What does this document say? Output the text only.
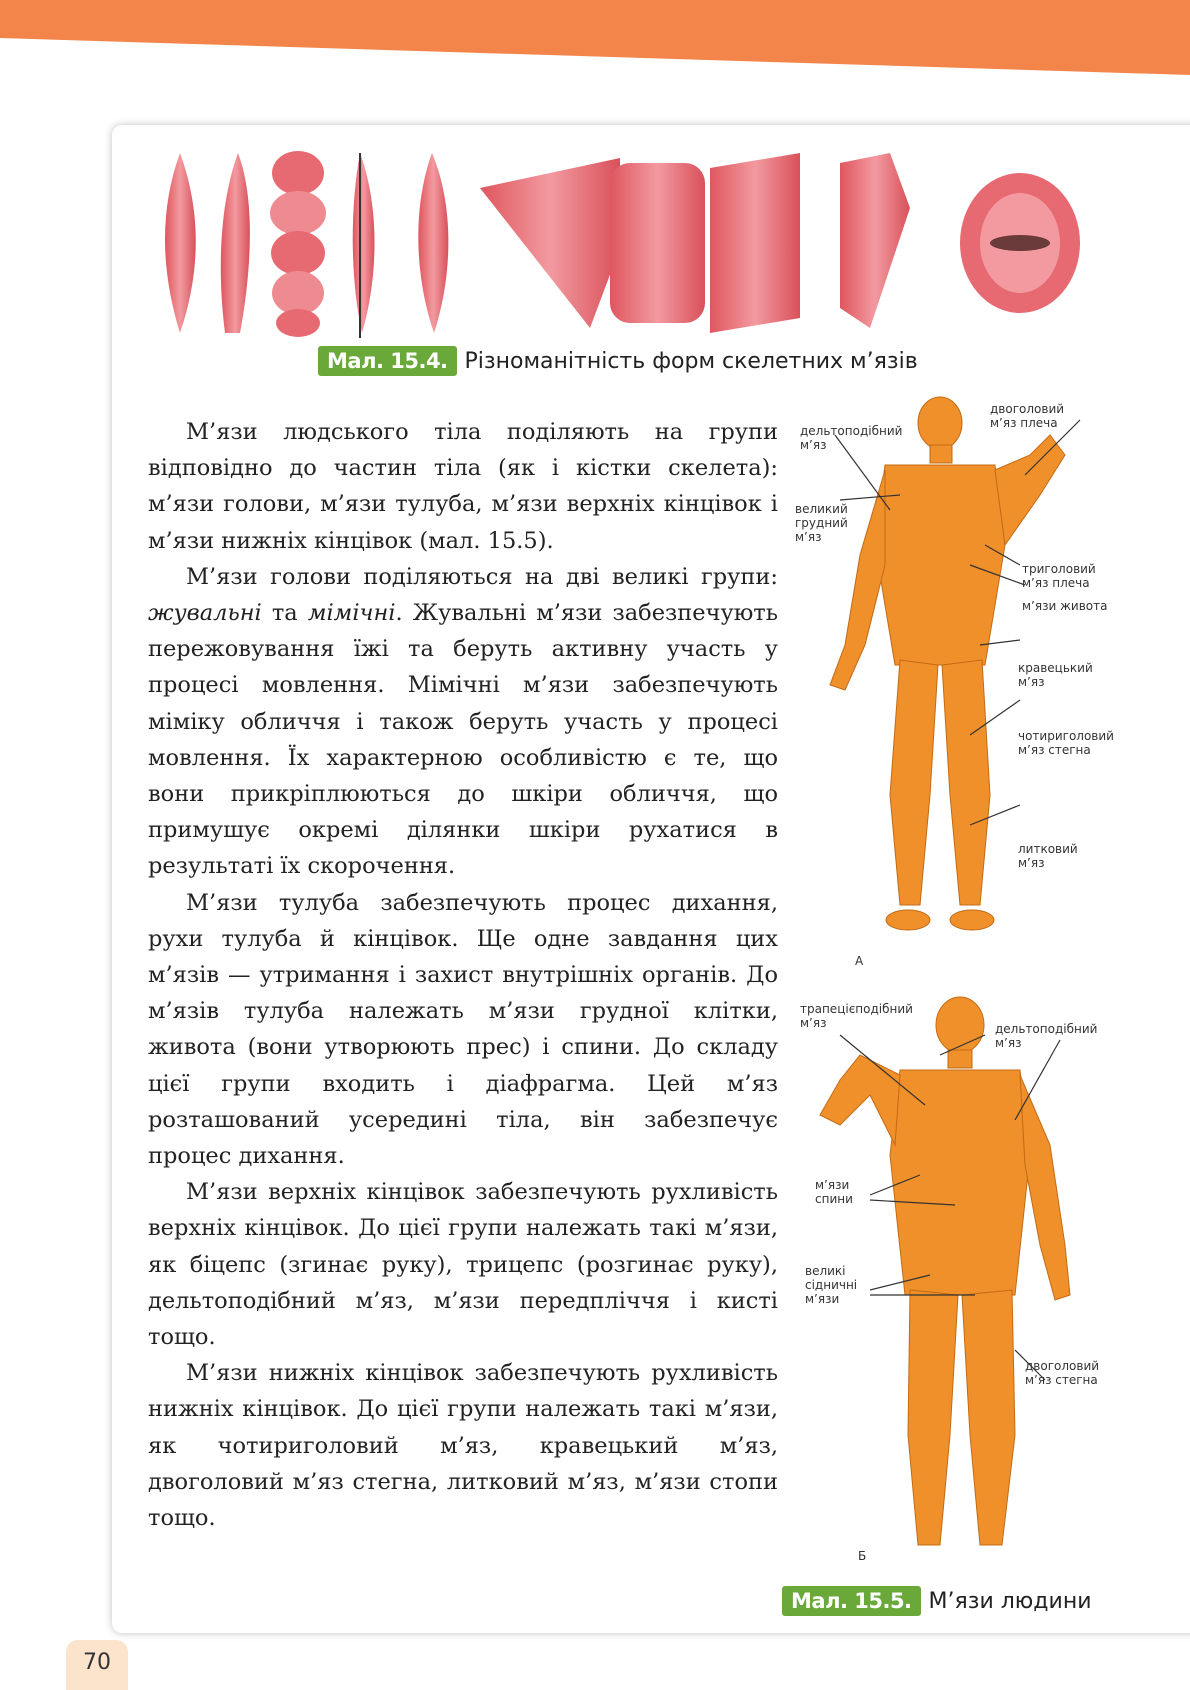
Мал. 15.4. Різноманітність форм скелетних м’язів

М’язи людського тіла поділяють на групи відповідно до частин тіла (як і кістки скелета): м’язи голови, м’язи тулуба, м’язи верхніх кінцівок і м’язи нижніх кінцівок (мал. 15.5).

М’язи голови поділяються на дві великі групи: жувальні та мімічні. Жувальні м’язи забезпечують пережовування їжі та беруть активну участь у процесі мовлення. Мімічні м’язи забезпечують міміку обличчя і також беруть участь у процесі мовлення. Їх характерною особливістю є те, що вони прикріплюються до шкіри обличчя, що примушує окремі ділянки шкіри рухатися в результаті їх скорочення.

М’язи тулуба забезпечують процес дихання, рухи тулуба й кінцівок. Ще одне завдання цих м’язів — утримання і захист внутрішніх органів. До м’язів тулуба належать м’язи грудної клітки, живота (вони утворюють прес) і спини. До складу цієї групи входить і діафрагма. Цей м’яз розташований усередині тіла, він забезпечує процес дихання.

М’язи верхніх кінцівок забезпечують рухливість верхніх кінцівок. До цієї групи належать такі м’язи, як біцепс (згинає руку), трицепс (розгинає руку), дельтоподібний м’яз, м’язи передпліччя і кисті тощо.

М’язи нижніх кінцівок забезпечують рухливість нижніх кінцівок. До цієї групи належать такі м’язи, як чотириголовий м’яз, кравецький м’яз, двоголовий м’яз стегна, литковий м’яз, м’язи стопи тощо.

дельтоподібний м’яз
двоголовий м’яз плеча
великий грудний м’яз
триголовий м’яз плеча
м’язи живота
кравецький м’яз
чотириголовий м’яз стегна
литковий м’яз
А
трапецієподібний м’яз	дельтоподібний м’яз
м’язи спини
великі сідничні м’язи
двоголовий м’яз стегна
Б
Мал. 15.5. М’язи людини
70
